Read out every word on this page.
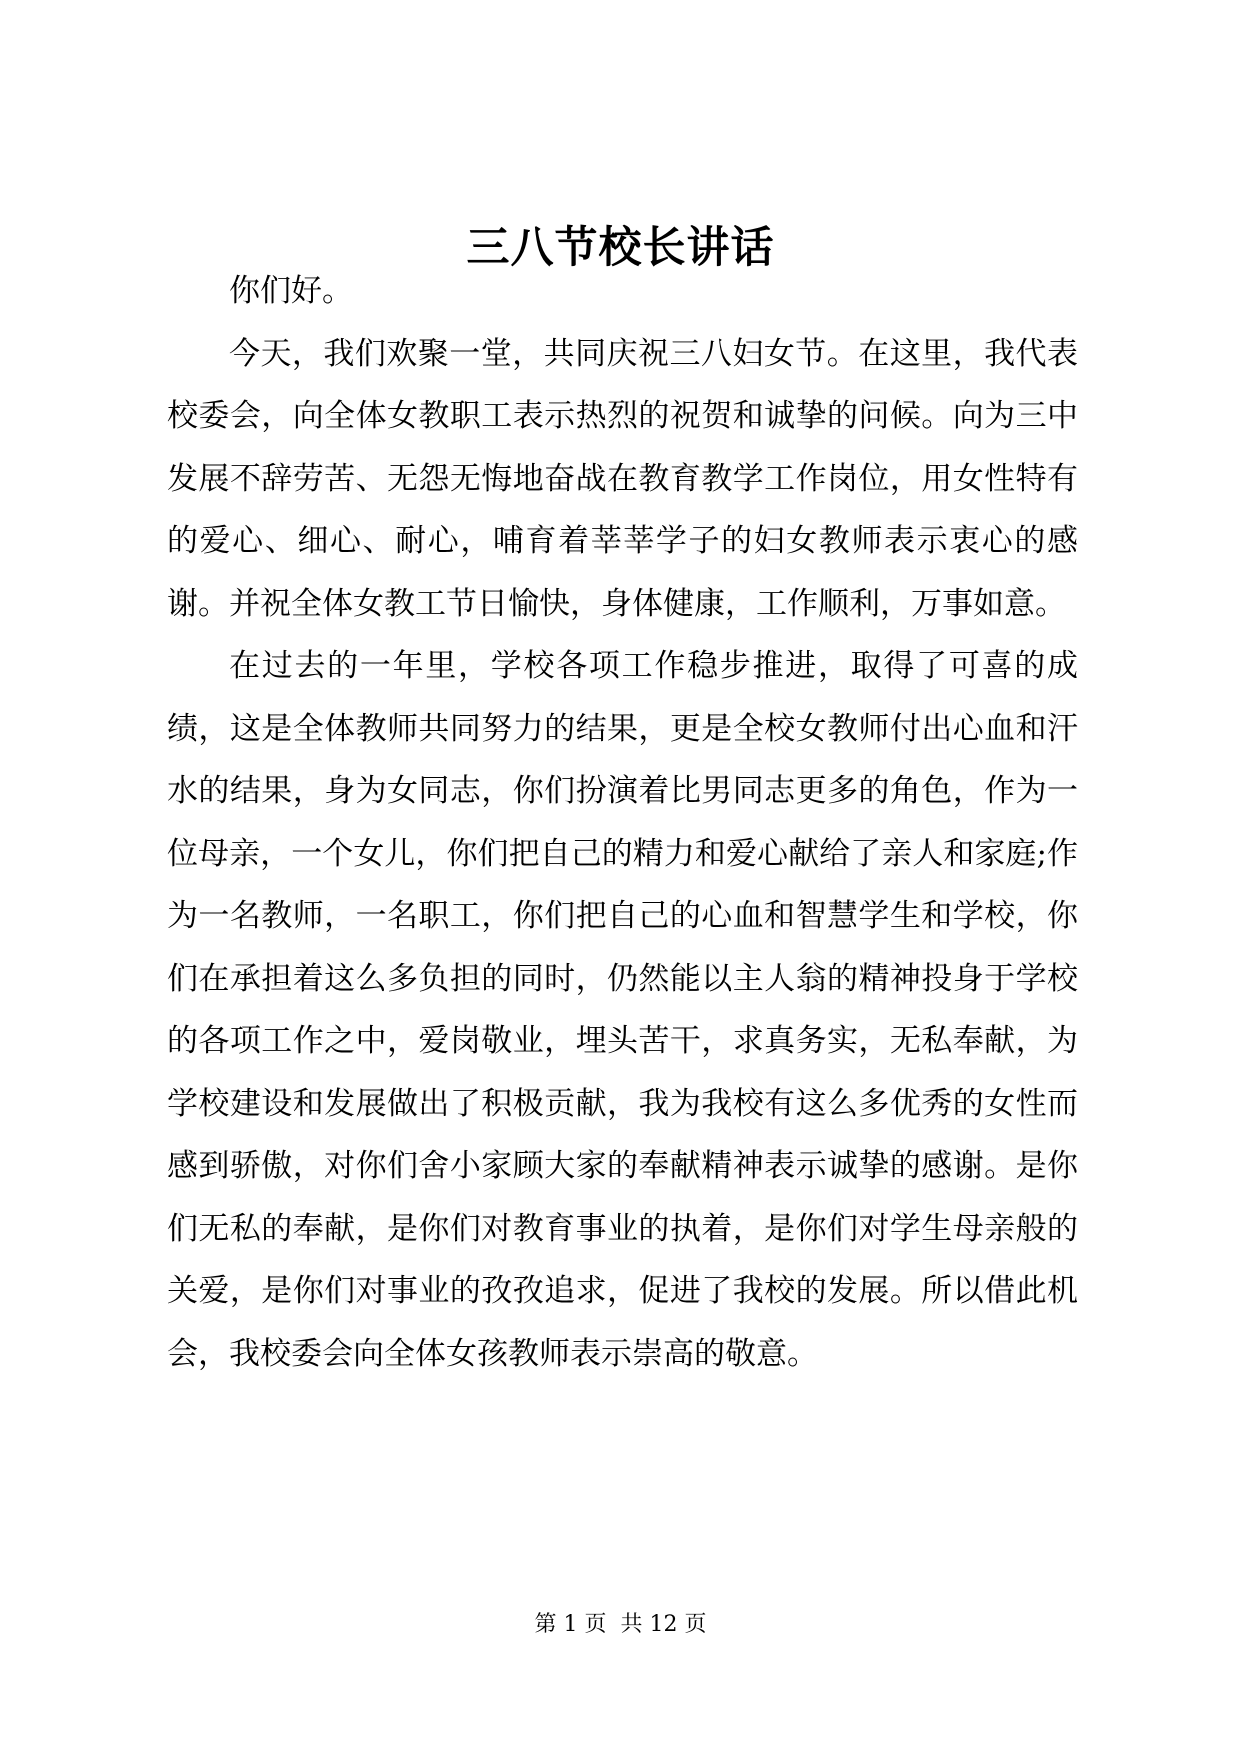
三八节校长讲话

你们好。

今天，我们欢聚一堂，共同庆祝三八妇女节。在这里，我代表校委会，向全体女教职工表示热烈的祝贺和诚挚的问候。向为三中发展不辞劳苦、无怨无悔地奋战在教育教学工作岗位，用女性特有的爱心、细心、耐心，哺育着莘莘学子的妇女教师表示衷心的感谢。并祝全体女教工节日愉快，身体健康，工作顺利，万事如意。

在过去的一年里，学校各项工作稳步推进，取得了可喜的成绩，这是全体教师共同努力的结果，更是全校女教师付出心血和汗水的结果，身为女同志，你们扮演着比男同志更多的角色，作为一位母亲，一个女儿，你们把自己的精力和爱心献给了亲人和家庭;作为一名教师，一名职工，你们把自己的心血和智慧学生和学校，你们在承担着这么多负担的同时，仍然能以主人翁的精神投身于学校的各项工作之中，爱岗敬业，埋头苦干，求真务实，无私奉献，为学校建设和发展做出了积极贡献，我为我校有这么多优秀的女性而感到骄傲，对你们舍小家顾大家的奉献精神表示诚挚的感谢。是你们无私的奉献，是你们对教育事业的执着，是你们对学生母亲般的关爱，是你们对事业的孜孜追求，促进了我校的发展。所以借此机会，我校委会向全体女孩教师表示崇高的敬意。

第 1 页  共 12 页
